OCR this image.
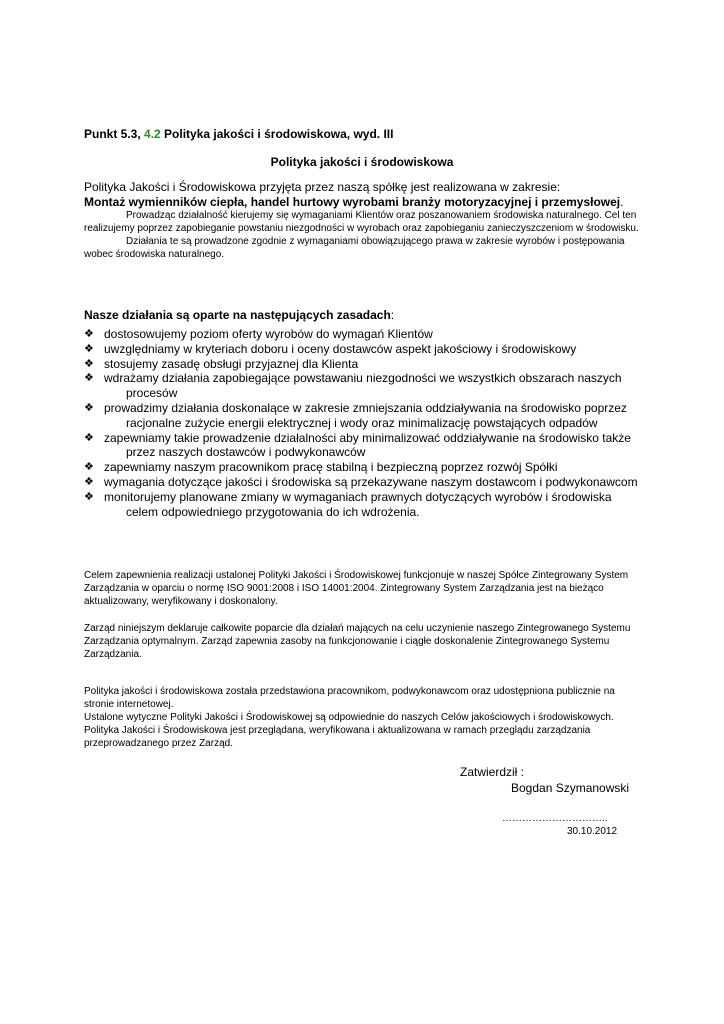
Punkt 5.3, 4.2 Polityka jakości i środowiskowa, wyd. III
Polityka jakości i środowiskowa
Polityka Jakości i Środowiskowa przyjęta przez naszą spółkę jest realizowana w zakresie:
Montaż wymienników ciepła, handel hurtowy wyrobami branży motoryzacyjnej i przemysłowej.
Prowadząc działalność kierujemy się wymaganiami Klientów oraz poszanowaniem środowiska naturalnego. Cel ten realizujemy poprzez zapobieganie powstaniu niezgodności w wyrobach oraz zapobieganiu zanieczyszczeniom w środowisku.
Działania te są prowadzone zgodnie z wymaganiami obowiązującego prawa w zakresie wyrobów i postępowania wobec środowiska naturalnego.
Nasze działania są oparte na następujących zasadach:
❖ dostosowujemy poziom oferty wyrobów do wymagań Klientów
❖ uwzględniamy w kryteriach doboru i oceny dostawców aspekt jakościowy i środowiskowy
❖ stosujemy zasadę obsługi przyjaznej dla Klienta
❖ wdrażamy działania zapobiegające powstawaniu niezgodności we wszystkich obszarach naszych procesów
❖ prowadzimy działania doskonalące w zakresie zmniejszania oddziaływania na środowisko poprzez racjonalne zużycie energii elektrycznej i wody oraz minimalizację powstających odpadów
❖ zapewniamy takie prowadzenie działalności aby minimalizować oddziaływanie na środowisko także przez naszych dostawców i podwykonawców
❖ zapewniamy naszym pracownikom pracę stabilną i bezpieczną poprzez rozwój Spółki
❖ wymagania dotyczące jakości i środowiska są przekazywane naszym dostawcom i podwykonawcom
❖ monitorujemy planowane zmiany w wymaganiach prawnych dotyczących wyrobów i środowiska celem odpowiedniego przygotowania do ich wdrożenia.
Celem zapewnienia realizacji ustalonej Polityki Jakości i Środowiskowej funkcjonuje w naszej Spółce Zintegrowany System Zarządzania w oparciu o normę ISO 9001:2008 i ISO 14001:2004. Zintegrowany System Zarządzania jest na bieżąco aktualizowany, weryfikowany i doskonalony.
Zarząd niniejszym deklaruje całkowite poparcie dla działań mających na celu uczynienie naszego Zintegrowanego Systemu Zarządzania optymalnym. Zarząd zapewnia zasoby na funkcjonowanie i ciągłe doskonalenie Zintegrowanego Systemu Zarządzania.
Polityka jakości i środowiskowa została przedstawiona pracownikom, podwykonawcom oraz udostępniona publicznie na stronie internetowej.
Ustalone wytyczne Polityki Jakości i Środowiskowej są odpowiednie do naszych Celów jakościowych i środowiskowych.
Polityka Jakości i Środowiskowa jest przeglądana, weryfikowana i aktualizowana w ramach przeglądu zarządzania przeprowadzanego przez Zarząd.
Zatwierdził :
Bogdan Szymanowski
…………………………..
30.10.2012
